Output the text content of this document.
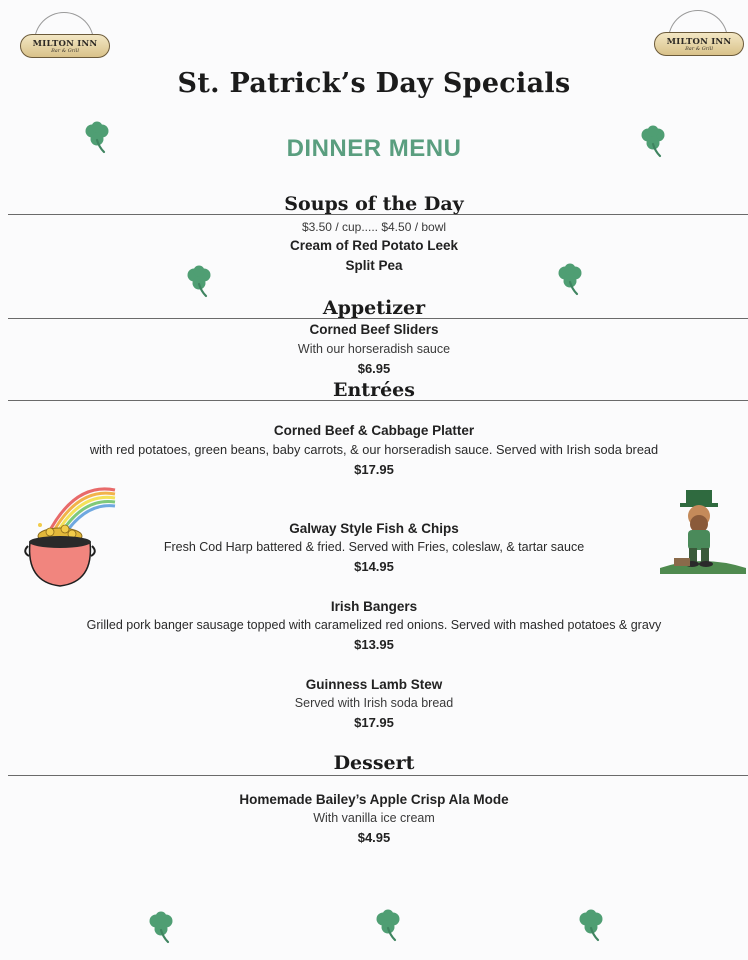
MILTON INN
Bar & Grill
MILTON INN
Bar & Grill
St. Patrick’s Day Specials
DINNER MENU
Soups of the Day
$3.50 / cup..... $4.50 / bowl
Cream of Red Potato Leek
Split Pea
Appetizer
Corned Beef Sliders
With our horseradish sauce
$6.95
Entrées
Corned Beef & Cabbage Platter
with red potatoes, green beans, baby carrots, & our horseradish sauce. Served with Irish soda bread
$17.95
Galway Style Fish & Chips
Fresh Cod Harp battered & fried. Served with Fries, coleslaw, & tartar sauce
$14.95
Irish Bangers
Grilled pork banger sausage topped with caramelized red onions. Served with mashed potatoes & gravy
$13.95
Guinness Lamb Stew
Served with Irish soda bread
$17.95
Dessert
Homemade Bailey’s Apple Crisp Ala Mode
With vanilla ice cream
$4.95
